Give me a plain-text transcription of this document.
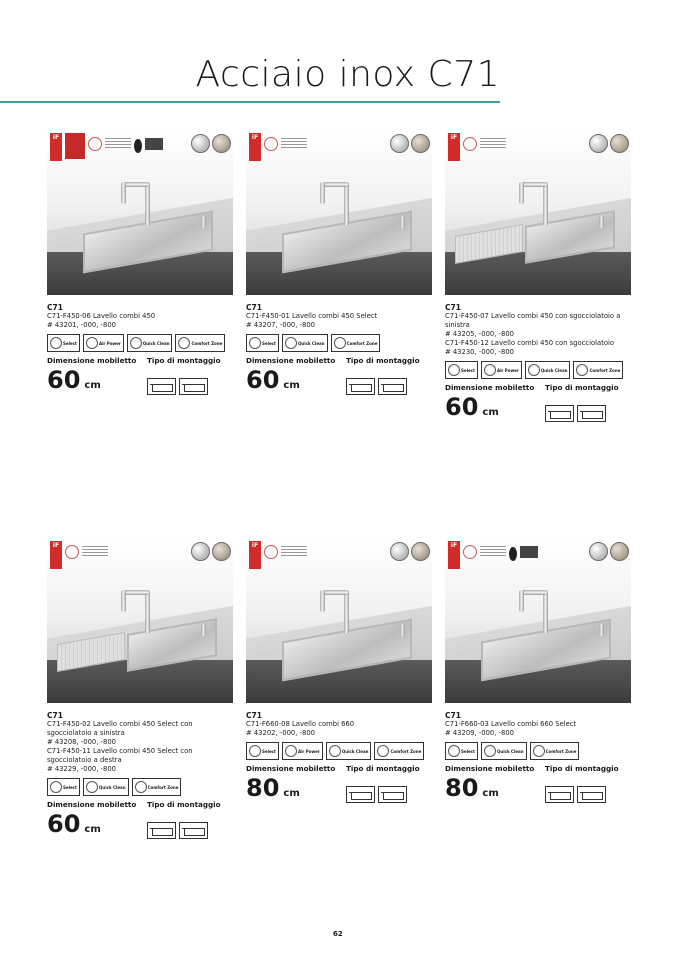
Acciaio inox C71
iF
C71
C71-F450-06 Lavello combi 450
# 43201, -000, -800
Select	Air Power	Quick Clean	Comfort Zone
Dimensione mobiletto	Tipo di montaggio
60 cm
iF
C71
C71-F450-01 Lavello combi 450 Select
# 43207, -000, -800
Select	Quick Clean	Comfort Zone
Dimensione mobiletto	Tipo di montaggio
60 cm
iF
C71
C71-F450-07 Lavello combi 450 con sgocciolatoio a
sinistra
# 43205, -000, -800
C71-F450-12 Lavello combi 450 con sgocciolatoio
# 43230, -000, -800
Select	Air Power	Quick Clean	Comfort Zone
Dimensione mobiletto	Tipo di montaggio
60 cm
iF
C71
C71-F450-02 Lavello combi 450 Select con
sgocciolatoio a sinistra
# 43208, -000, -800
C71-F450-11 Lavello combi 450 Select con
sgocciolatoio a destra
# 43229, -000, -800
Select	Quick Clean	Comfort Zone
Dimensione mobiletto	Tipo di montaggio
60 cm
iF
C71
C71-F660-08 Lavello combi 660
# 43202, -000, -800
Select	Air Power	Quick Clean	Comfort Zone
Dimensione mobiletto	Tipo di montaggio
80 cm
iF
C71
C71-F660-03 Lavello combi 660 Select
# 43209, -000, -800
Select	Quick Clean	Comfort Zone
Dimensione mobiletto	Tipo di montaggio
80 cm
62
